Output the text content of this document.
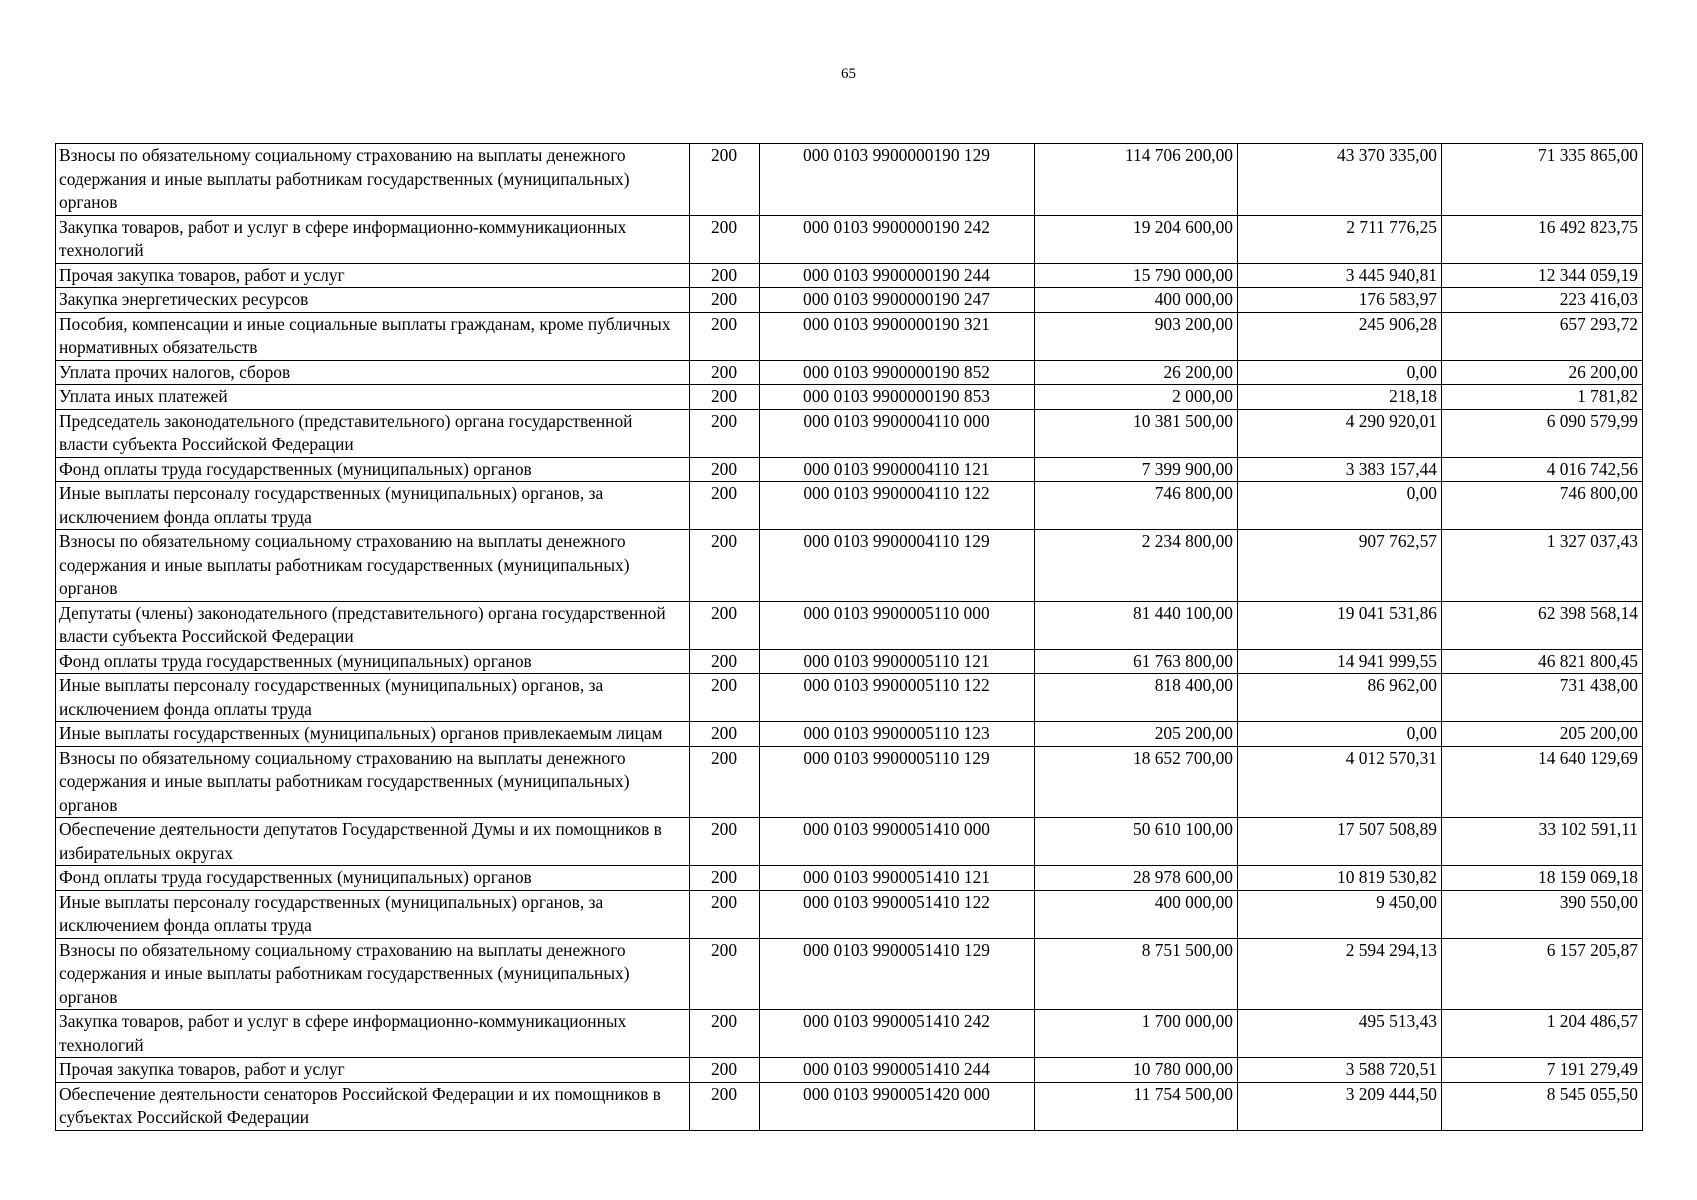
65
Взносы по обязательному социальному страхованию на выплаты денежного содержания и иные выплаты работникам государственных (муниципальных) органов	200	000 0103 9900000190 129	114 706 200,00	43 370 335,00	71 335 865,00
Закупка товаров, работ и услуг в сфере информационно-коммуникационных технологий	200	000 0103 9900000190 242	19 204 600,00	2 711 776,25	16 492 823,75
Прочая закупка товаров, работ и услуг	200	000 0103 9900000190 244	15 790 000,00	3 445 940,81	12 344 059,19
Закупка энергетических ресурсов	200	000 0103 9900000190 247	400 000,00	176 583,97	223 416,03
Пособия, компенсации и иные социальные выплаты гражданам, кроме публичных нормативных обязательств	200	000 0103 9900000190 321	903 200,00	245 906,28	657 293,72
Уплата прочих налогов, сборов	200	000 0103 9900000190 852	26 200,00	0,00	26 200,00
Уплата иных платежей	200	000 0103 9900000190 853	2 000,00	218,18	1 781,82
Председатель законодательного (представительного) органа государственной власти субъекта Российской Федерации	200	000 0103 9900004110 000	10 381 500,00	4 290 920,01	6 090 579,99
Фонд оплаты труда государственных (муниципальных) органов	200	000 0103 9900004110 121	7 399 900,00	3 383 157,44	4 016 742,56
Иные выплаты персоналу государственных (муниципальных) органов, за исключением фонда оплаты труда	200	000 0103 9900004110 122	746 800,00	0,00	746 800,00
Взносы по обязательному социальному страхованию на выплаты денежного содержания и иные выплаты работникам государственных (муниципальных) органов	200	000 0103 9900004110 129	2 234 800,00	907 762,57	1 327 037,43
Депутаты (члены) законодательного (представительного) органа государственной власти субъекта Российской Федерации	200	000 0103 9900005110 000	81 440 100,00	19 041 531,86	62 398 568,14
Фонд оплаты труда государственных (муниципальных) органов	200	000 0103 9900005110 121	61 763 800,00	14 941 999,55	46 821 800,45
Иные выплаты персоналу государственных (муниципальных) органов, за исключением фонда оплаты труда	200	000 0103 9900005110 122	818 400,00	86 962,00	731 438,00
Иные выплаты государственных (муниципальных) органов привлекаемым лицам	200	000 0103 9900005110 123	205 200,00	0,00	205 200,00
Взносы по обязательному социальному страхованию на выплаты денежного содержания и иные выплаты работникам государственных (муниципальных) органов	200	000 0103 9900005110 129	18 652 700,00	4 012 570,31	14 640 129,69
Обеспечение деятельности депутатов Государственной Думы и их помощников в избирательных округах	200	000 0103 9900051410 000	50 610 100,00	17 507 508,89	33 102 591,11
Фонд оплаты труда государственных (муниципальных) органов	200	000 0103 9900051410 121	28 978 600,00	10 819 530,82	18 159 069,18
Иные выплаты персоналу государственных (муниципальных) органов, за исключением фонда оплаты труда	200	000 0103 9900051410 122	400 000,00	9 450,00	390 550,00
Взносы по обязательному социальному страхованию на выплаты денежного содержания и иные выплаты работникам государственных (муниципальных) органов	200	000 0103 9900051410 129	8 751 500,00	2 594 294,13	6 157 205,87
Закупка товаров, работ и услуг в сфере информационно-коммуникационных технологий	200	000 0103 9900051410 242	1 700 000,00	495 513,43	1 204 486,57
Прочая закупка товаров, работ и услуг	200	000 0103 9900051410 244	10 780 000,00	3 588 720,51	7 191 279,49
Обеспечение деятельности сенаторов Российской Федерации и их помощников в субъектах Российской Федерации	200	000 0103 9900051420 000	11 754 500,00	3 209 444,50	8 545 055,50
